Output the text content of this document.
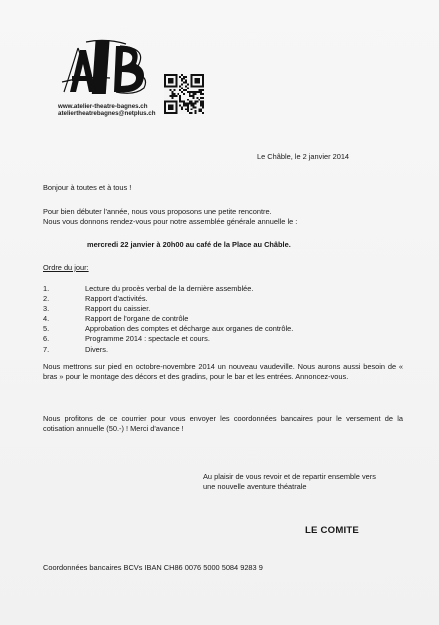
www.atelier-theatre-bagnes.ch
ateliertheatrebagnes@netplus.ch
Le Châble, le 2 janvier 2014
Bonjour à toutes et à tous !
Pour bien débuter l'année, nous vous proposons une petite rencontre.
Nous vous donnons rendez-vous pour notre assemblée générale annuelle le :
mercredi 22 janvier à 20h00 au café de la Place au Châble.
Ordre du jour:
1.	Lecture du procès verbal de la dernière assemblée.
2.	Rapport d'activités.
3.	Rapport du caissier.
4.	Rapport de l'organe de contrôle
5.	Approbation des comptes et décharge aux organes de contrôle.
6.	Programme 2014 : spectacle et cours.
7.	Divers.
Nous mettrons sur pied en octobre-novembre 2014 un nouveau vaudeville. Nous aurons aussi besoin de « bras » pour le montage des décors et des gradins, pour le bar et les entrées. Annoncez-vous.
Nous profitons de ce courrier pour vous envoyer les coordonnées bancaires pour le versement de la cotisation annuelle (50.-) ! Merci d'avance !
Au plaisir de vous revoir et de repartir ensemble vers
une nouvelle aventure théatrale
LE COMITE
Coordonnées bancaires BCVs IBAN CH86 0076 5000 5084 9283 9
